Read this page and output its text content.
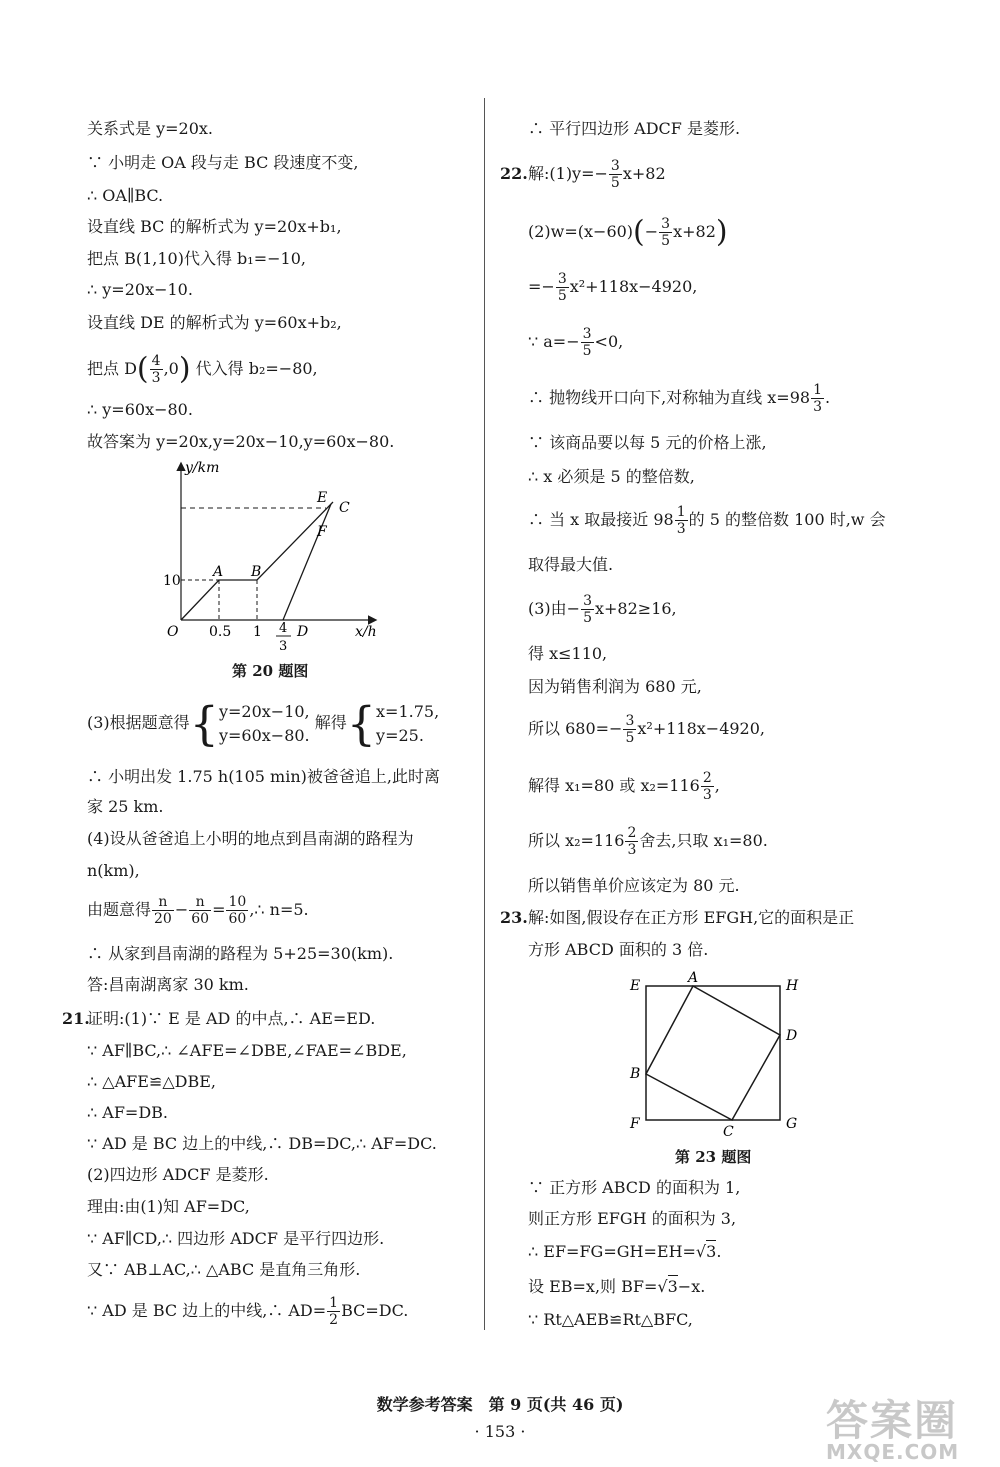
关系式是 y=20x.
∵ 小明走 OA 段与走 BC 段速度不变,
∴ OA∥BC.
设直线 BC 的解析式为 y=20x+b₁,
把点 B(1,10)代入得 b₁=−10,
∴ y=20x−10.
设直线 DE 的解析式为 y=60x+b₂,
把点 $D( \frac{4}{3} ,0)$ 代入得 b₂=−80,
∴ y=60x−80.
故答案为 y=20x,y=20x−10,y=60x−80.
y/km
x/h
O
10
0.5 1 4
3
D
A B
E
C
F
第 20 题图
(3)根据题意得{ y=20x−10,
y=60x−80.
解得{ x=1.75,
y=25.
∴ 小明出发 1.75 h(105 min)被爸爸追上,此时离
家 25 km.
(4)设从爸爸追上小明的地点到昌南湖的路程为
n(km),
由题意得 $\frac{n}{20} - \frac{n}{60} = \frac{10}{60}$ ,∴ n=5.
∴ 从家到昌南湖的路程为 5+25=30(km).
答:昌南湖离家 30 km.
21.
证明:(1)∵ E 是 AD 的中点,∴ AE=ED.
∵ AF∥BC,∴ ∠AFE=∠DBE,∠FAE=∠BDE,
∴ △AFE≌△DBE,
∴ AF=DB.
∵ AD 是 BC 边上的中线,∴ DB=DC,∴ AF=DC.
(2)四边形 ADCF 是菱形.
理由:由(1)知 AF=DC,
∵ AF∥CD,∴ 四边形 ADCF 是平行四边形.
又∵ AB⊥AC,∴ △ABC 是直角三角形.
∵ AD 是 BC 边上的中线,∴ $AD= \frac{1}{2} BC=DC$.
∴ 平行四边形 ADCF 是菱形.
22. 解:(1)y=− $\frac{3}{5} x+82$
$(2)w=(x-60)(- \frac{3}{5} x+82)$
=− $\frac{3}{5} x^2+118x-4920$,
∵ $a=- \frac{3}{5} <0$,
∴ 抛物线开口向下,对称轴为直线 $x=98 \frac{1}{3}$ .
∵ 该商品要以每 5 元的价格上涨,
∴ x 必须是 5 的整倍数,
∴ 当 x 取最接近 $98 \frac{1}{3}$ 的 5 的整倍数 100 时,w 会
取得最大值.
(3)由− $\frac{3}{5} x+82\ge 16$,
得 x≤110,
因为销售利润为 680 元,
所以 $680=- \frac{3}{5} x^2+118x-4920$,
解得 x₁=80 或 $x_2=116 \frac{2}{3}$ ,
所以 $x_2=116 \frac{2}{3}$ 舍去,只取 x₁=80.
所以销售单价应该定为 80 元.
23. 解:如图,假设存在正方形 EFGH,它的面积是正
方形 ABCD 面积的 3 倍.
A
B
C
D
E
F	G
H
第 23 题图
∵ 正方形 ABCD 的面积为 1,
则正方形 EFGH 的面积为 3,
∴ EF=FG=GH=EH=√3.
设 EB=x,则 BF=√3−x.
∵ Rt△AEB≌Rt△BFC,
数学参考答案　第 9 页(共 46 页)
· 153 ·	答案圈
MXQE.COM
